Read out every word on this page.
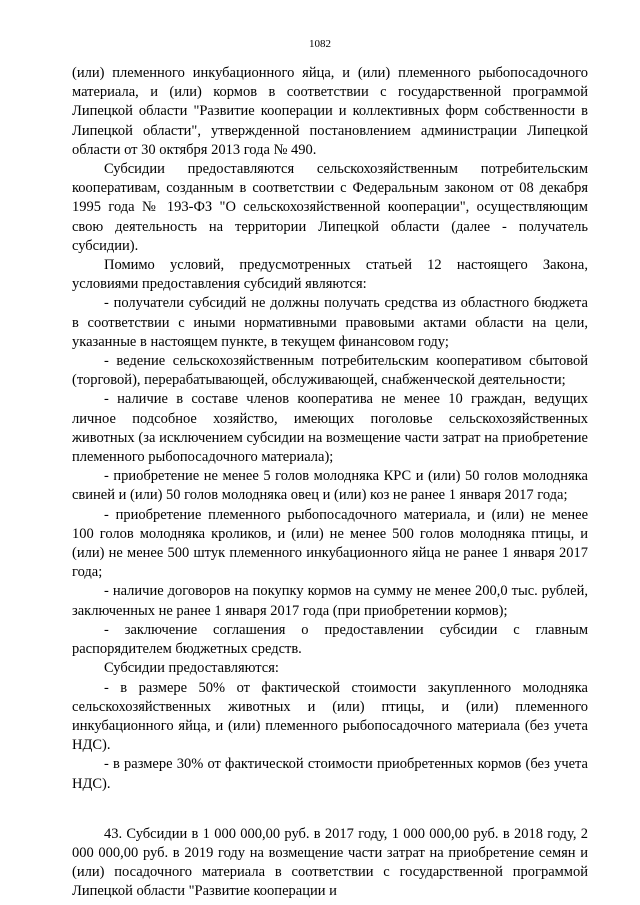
1082

(или) племенного инкубационного яйца, и (или) племенного рыбопосадочного материала, и (или) кормов в соответствии с государственной программой Липецкой области "Развитие кооперации и коллективных форм собственности в Липецкой области", утвержденной постановлением администрации Липецкой области от 30 октября 2013 года № 490.

Субсидии предоставляются сельскохозяйственным потребительским кооперативам, созданным в соответствии с Федеральным законом от 08 декабря 1995 года № 193-ФЗ "О сельскохозяйственной кооперации", осуществляющим свою деятельность на территории Липецкой области (далее - получатель субсидии).

Помимо условий, предусмотренных статьей 12 настоящего Закона, условиями предоставления субсидий являются:

- получатели субсидий не должны получать средства из областного бюджета в соответствии с иными нормативными правовыми актами области на цели, указанные в настоящем пункте, в текущем финансовом году;

- ведение сельскохозяйственным потребительским кооперативом сбытовой (торговой), перерабатывающей, обслуживающей, снабженческой деятельности;

- наличие в составе членов кооператива не менее 10 граждан, ведущих личное подсобное хозяйство, имеющих поголовье сельскохозяйственных животных (за исключением субсидии на возмещение части затрат на приобретение племенного рыбопосадочного материала);

- приобретение не менее 5 голов молодняка КРС и (или) 50 голов молодняка свиней и (или) 50 голов молодняка овец и (или) коз не ранее 1 января 2017 года;

- приобретение племенного рыбопосадочного материала, и (или) не менее 100 голов молодняка кроликов, и (или) не менее 500 голов молодняка птицы, и (или) не менее 500 штук племенного инкубационного яйца не ранее 1 января 2017 года;

- наличие договоров на покупку кормов на сумму не менее 200,0 тыс. рублей, заключенных не ранее 1 января 2017 года (при приобретении кормов);

- заключение соглашения о предоставлении субсидии с главным распорядителем бюджетных средств.

Субсидии предоставляются:

- в размере 50% от фактической стоимости закупленного молодняка сельскохозяйственных животных и (или) птицы, и (или) племенного инкубационного яйца, и (или) племенного рыбопосадочного материала (без учета НДС).

- в размере 30% от фактической стоимости приобретенных кормов (без учета НДС).

43. Субсидии в 1 000 000,00 руб. в 2017 году, 1 000 000,00 руб. в 2018 году, 2 000 000,00 руб. в 2019 году на возмещение части затрат на приобретение семян и (или) посадочного материала в соответствии с государственной программой Липецкой области "Развитие кооперации и
